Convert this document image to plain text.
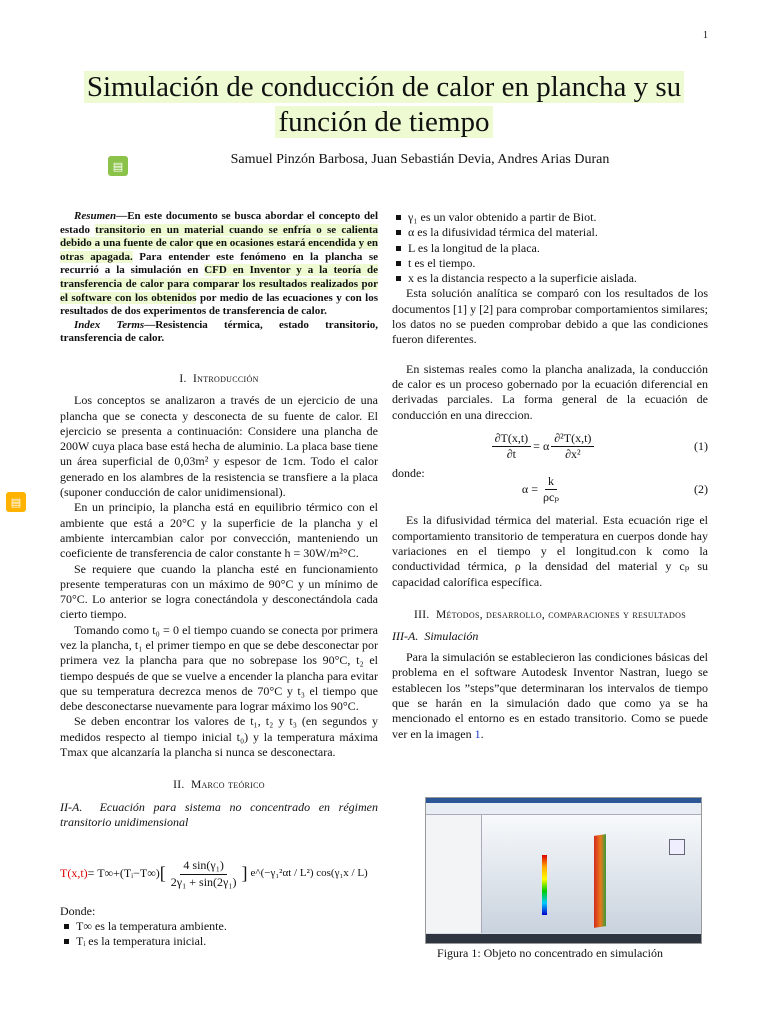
1
Simulación de conducción de calor en plancha y su
función de tiempo
Samuel Pinzón Barbosa, Juan Sebastián Devia, Andres Arias Duran
▤
▤

Resumen—En este documento se busca abordar el concepto del estado transitorio en un material cuando se enfría o se calienta debido a una fuente de calor que en ocasiones estará encendida y en otras apagada. Para entender este fenómeno en la plancha se recurrió a la simulación en CFD en Inventor y a la teoría de transferencia de calor para comparar los resultados realizados por el software con los obtenidos por medio de las ecuaciones y con los resultados de dos experimentos de transferencia de calor.

Index Terms—Resistencia térmica, estado transitorio, transferencia de calor.

I. Introducción

Los conceptos se analizaron a través de un ejercicio de una plancha que se conecta y desconecta de su fuente de calor. El ejercicio se presenta a continuación: Considere una plancha de 200W cuya placa base está hecha de aluminio. La placa base tiene un área superficial de 0,03m² y espesor de 1cm. Todo el calor generado en los alambres de la resistencia se transfiere a la placa (suponer conducción de calor unidimensional).

En un principio, la plancha está en equilibrio térmico con el ambiente que está a 20°C y la superficie de la plancha y el ambiente intercambian calor por convección, manteniendo un coeficiente de transferencia de calor constante h = 30W/m²°C.

Se requiere que cuando la plancha esté en funcionamiento presente temperaturas con un máximo de 90°C y un mínimo de 70°C. Lo anterior se logra conectándola y desconectándola cada cierto tiempo.

Tomando como t₀ = 0 el tiempo cuando se conecta por primera vez la plancha, t₁ el primer tiempo en que se debe desconectar por primera vez la plancha para que no sobrepase los 90°C, t₂ el tiempo después de que se vuelve a encender la plancha para evitar que su temperatura decrezca menos de 70°C y t₃ el tiempo que debe desconectarse nuevamente para lograr máximo los 90°C.

Se deben encontrar los valores de t₁, t₂ y t₃ (en segundos y medidos respecto al tiempo inicial t₀) y la temperatura máxima Tmax que alcanzaría la plancha si nunca se desconectara.

II. Marco teórico

II-A. Ecuación para sistema no concentrado en régimen transitorio unidimensional

T(x,t) = T∞+(Tᵢ−T∞) [ $\frac{\text{4 sin(γ₁)}}{\text{2γ₁ + sin(2γ₁)}}$ ] e^(−γ₁²αt / L²) cos(γ₁x / L)

Donde:

T∞ es la temperatura ambiente.
Tᵢ es la temperatura inicial.
γ₁ es un valor obtenido a partir de Biot.
α es la difusividad térmica del material.
L es la longitud de la placa.
t es el tiempo.
x es la distancia respecto a la superficie aislada.

Esta solución analítica se comparó con los resultados de los documentos [1] y [2] para comprobar comportamientos similares; los datos no se pueden comprobar debido a que las condiciones fueron diferentes.

En sistemas reales como la plancha analizada, la conducción de calor es un proceso gobernado por la ecuación diferencial en derivadas parciales. La forma general de la ecuación de conducción en una direccion.

$\frac{\partial T(x,t)}{\partial t} = \alpha \frac{\text{∂²T(x,t)}}{\text{∂x²}}$	(1)

donde:

$\alpha = \frac{k}{\text{ρcₚ}}$	(2)

Es la difusividad térmica del material. Esta ecuación rige el comportamiento transitorio de temperatura en cuerpos donde hay variaciones en el tiempo y el longitud.con k como la conductividad térmica, ρ la densidad del material y cₚ su capacidad calorífica específica.

III. Métodos, desarrollo, comparaciones y resultados

III-A. Simulación

Para la simulación se establecieron las condiciones básicas del problema en el software Autodesk Inventor Nastran, luego se establecen los ”steps”que determinaran los intervalos de tiempo que se harán en la simulación dado que como ya se ha mencionado el entorno es en estado transitorio. Como se puede ver en la imagen 1.

Figura 1: Objeto no concentrado en simulación
